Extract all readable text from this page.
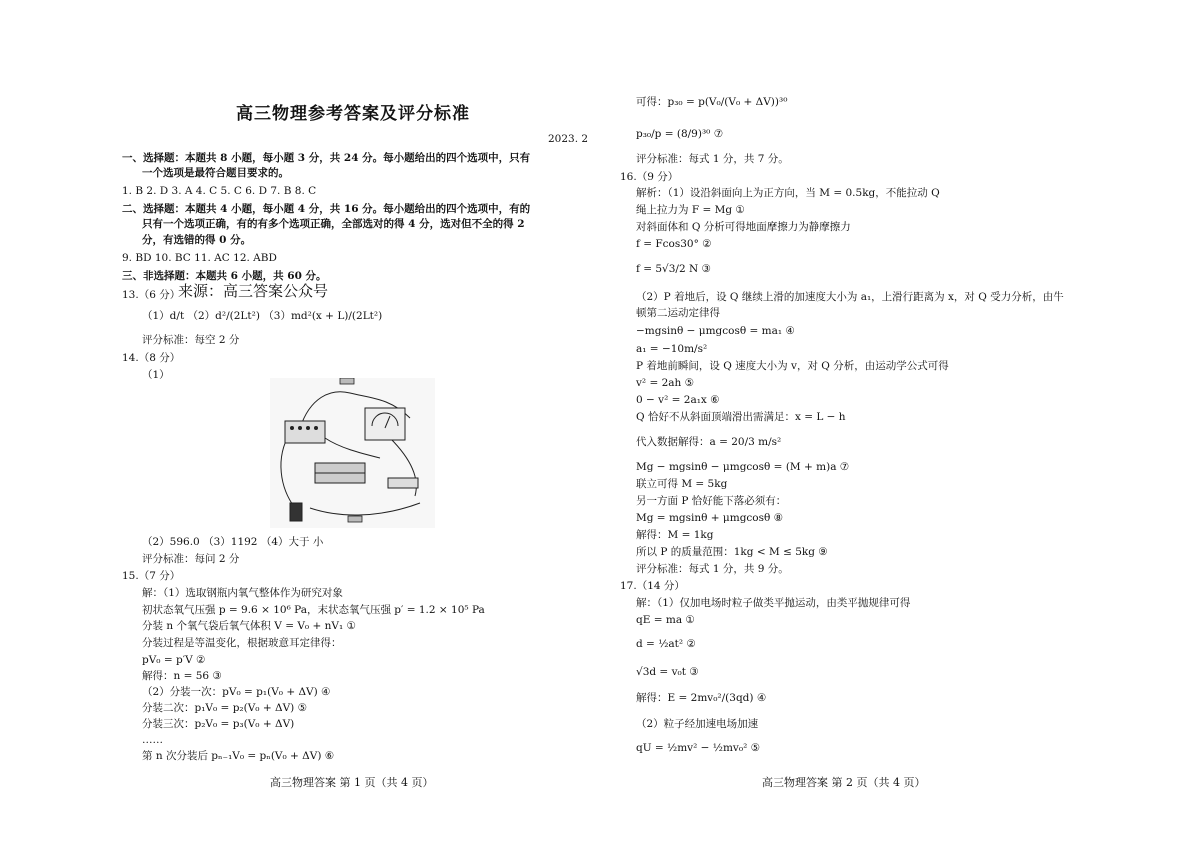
高三物理参考答案及评分标准
2023. 2
一、选择题：本题共 8 小题，每小题 3 分，共 24 分。每小题给出的四个选项中，只有
一个选项是最符合题目要求的。
1. B 2. D 3. A 4. C 5. C 6. D 7. B 8. C
二、选择题：本题共 4 小题，每小题 4 分，共 16 分。每小题给出的四个选项中，有的
只有一个选项正确，有的有多个选项正确，全部选对的得 4 分，选对但不全的得 2
分，有选错的得 0 分。
9. BD 10. BC 11. AC 12. ABD
三、非选择题：本题共 6 小题，共 60 分。
13.（6 分）
来源：高三答案公众号
（1）d/t （2）d²/(2Lt²) （3）md²(x + L)/(2Lt²)
评分标准：每空 2 分
14.（8 分）
（1）
（2）596.0 （3）1192 （4）大于 小
评分标准：每问 2 分
15.（7 分）
解：（1）选取钢瓶内氧气整体作为研究对象
初状态氧气压强 p = 9.6 × 10⁶ Pa，末状态氧气压强 p′ = 1.2 × 10⁵ Pa
分装 n 个氧气袋后氧气体积 V = V₀ + nV₁ ①
分装过程是等温变化，根据玻意耳定律得：
pV₀ = p′V ②
解得：n = 56 ③
（2）分装一次：pV₀ = p₁(V₀ + ΔV) ④
分装二次：p₁V₀ = p₂(V₀ + ΔV) ⑤
分装三次：p₂V₀ = p₃(V₀ + ΔV)
……
第 n 次分装后 pₙ₋₁V₀ = pₙ(V₀ + ΔV) ⑥
高三物理答案 第 1 页（共 4 页）
可得：p₃₀ = p(V₀/(V₀ + ΔV))³⁰
p₃₀/p = (8/9)³⁰ ⑦
评分标准：每式 1 分，共 7 分。
16.（9 分）
解析：（1）设沿斜面向上为正方向，当 M = 0.5kg，不能拉动 Q
绳上拉力为 F = Mg ①
对斜面体和 Q 分析可得地面摩擦力为静摩擦力
f = Fcos30° ②
f = 5√3/2 N ③
（2）P 着地后，设 Q 继续上滑的加速度大小为 a₁，上滑行距离为 x，对 Q 受力分析，由牛
顿第二运动定律得
−mgsinθ − μmgcosθ = ma₁ ④
a₁ = −10m/s²
P 着地前瞬间，设 Q 速度大小为 v，对 Q 分析，由运动学公式可得
v² = 2ah ⑤
0 − v² = 2a₁x ⑥
Q 恰好不从斜面顶端滑出需满足：x = L − h
代入数据解得：a = 20/3 m/s²
Mg − mgsinθ − μmgcosθ = (M + m)a ⑦
联立可得 M = 5kg
另一方面 P 恰好能下落必须有：
Mg = mgsinθ + μmgcosθ ⑧
解得：M = 1kg
所以 P 的质量范围：1kg < M ≤ 5kg ⑨
评分标准：每式 1 分，共 9 分。
17.（14 分）
解：（1）仅加电场时粒子做类平抛运动，由类平抛规律可得
qE = ma ①
d = ½at² ②
√3d = v₀t ③
解得：E = 2mv₀²/(3qd) ④
（2）粒子经加速电场加速
qU = ½mv² − ½mv₀² ⑤
高三物理答案 第 2 页（共 4 页）
